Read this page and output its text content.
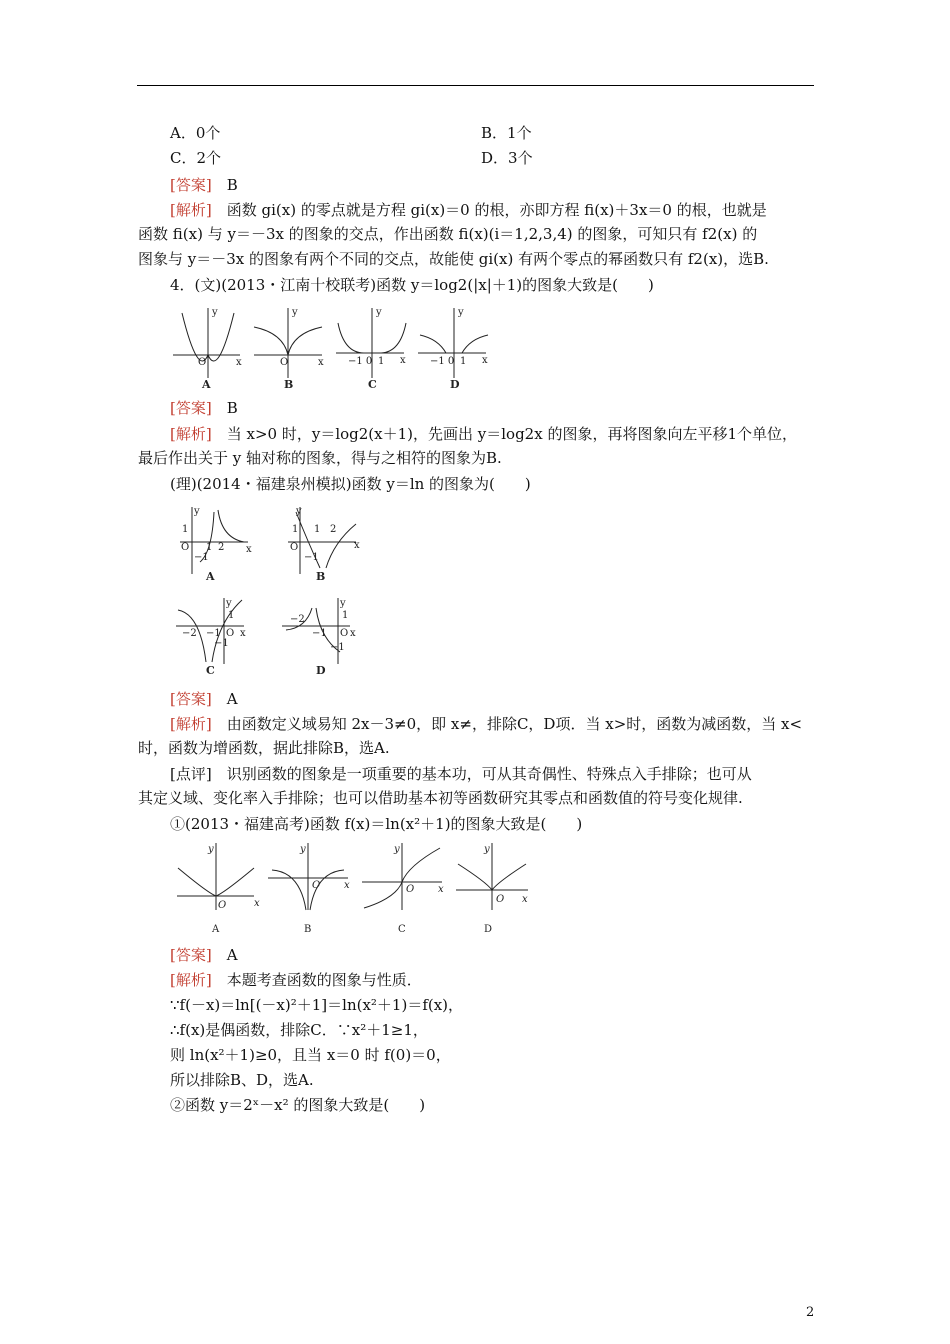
A．0个	B．1个
C．2个	D．3个
[答案]　 B
[解析]　 函数 gi(x) 的零点就是方程 gi(x)＝0 的根，亦即方程 fi(x)＋3x＝0 的根，也就是
函数 fi(x) 与 y＝－3x 的图象的交点，作出函数 fi(x)(i＝1,2,3,4) 的图象，可知只有 f2(x) 的
图象与 y＝－3x 的图象有两个不同的交点，故能使 gi(x) 有两个零点的幂函数只有 f2(x)，选B.
4．(文)(2013・江南十校联考)函数 y＝log2(|x|＋1)的图象大致是(　　)
y
x
O
y
x
O
y
x
−1 0 1
y
x
−1 0 1
A	B	C	D
[答案]　 B
[解析]　 当 x>0 时，y＝log2(x＋1)，先画出 y＝log2x 的图象，再将图象向左平移1个单位，
最后作出关于 y 轴对称的图象，得与之相符的图象为B.
(理)(2014・福建泉州模拟)函数 y＝ln 的图象为(　　)
y
x
1
O
−1
1 2
y
x
1
O
−1
1 2
y
x
1
−2 −1 O
−1
y
x
1
−2
−1 O
−1
A	B
C	D
[答案]　 A
[解析]　 由函数定义域易知 2x－3≠0，即 x≠，排除C，D项．当 x>时，函数为减函数，当 x<
时，函数为增函数，据此排除B，选A.
[点评]　 识别函数的图象是一项重要的基本功，可从其奇偶性、特殊点入手排除；也可从
其定义域、变化率入手排除；也可以借助基本初等函数研究其零点和函数值的符号变化规律.
①(2013・福建高考)函数 f(x)＝ln(x²＋1)的图象大致是(　　)
y
x
O
y
x
O
y
x
O
y
x
O
A	B	C	D
[答案]　 A
[解析]　 本题考查函数的图象与性质．
∵f(－x)＝ln[(－x)²＋1]＝ln(x²＋1)＝f(x)，
∴f(x)是偶函数，排除C．∵x²＋1≥1，
则 ln(x²＋1)≥0，且当 x＝0 时 f(0)＝0，
所以排除B、D，选A.
②函数 y＝2ˣ－x² 的图象大致是(　　)
2
